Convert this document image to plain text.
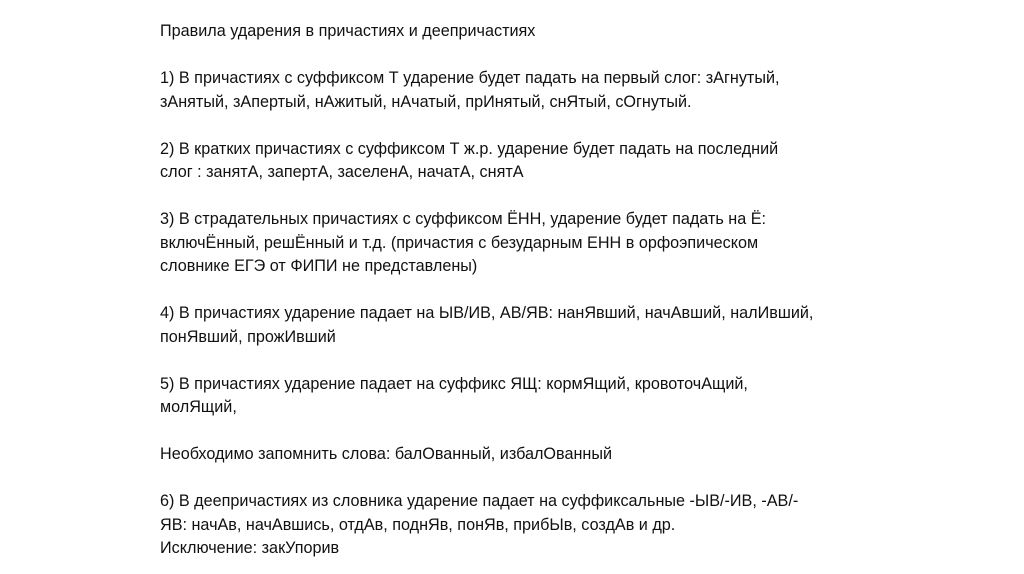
Правила ударения в причастиях и деепричастиях
1) В причастиях с суффиксом Т ударение будет падать на первый слог: зАгнутый,
зАнятый, зАпертый, нАжитый, нАчатый, прИнятый, снЯтый, сОгнутый.
2) В кратких причастиях с суффиксом Т ж.р. ударение будет падать на последний
слог : занятА, запертА, заселенА, начатА, снятА
3) В страдательных причастиях с суффиксом ЁНН, ударение будет падать на Ё:
включЁнный, решЁнный и т.д. (причастия с безударным ЕНН в орфоэпическом
словнике ЕГЭ от ФИПИ не представлены)
4) В причастиях ударение падает на ЫВ/ИВ, АВ/ЯВ: нанЯвший, начАвший, налИвший,
понЯвший, прожИвший
5) В причастиях ударение падает на суффикс ЯЩ: кормЯщий, кровоточАщий,
молЯщий,
Необходимо запомнить слова: балОванный, избалОванный
6) В деепричастиях из словника ударение падает на суффиксальные -ЫВ/-ИВ, -АВ/-
ЯВ: начАв, начАвшись, отдАв, поднЯв, понЯв, прибЫв, создАв и др.
Исключение: закУпорив
